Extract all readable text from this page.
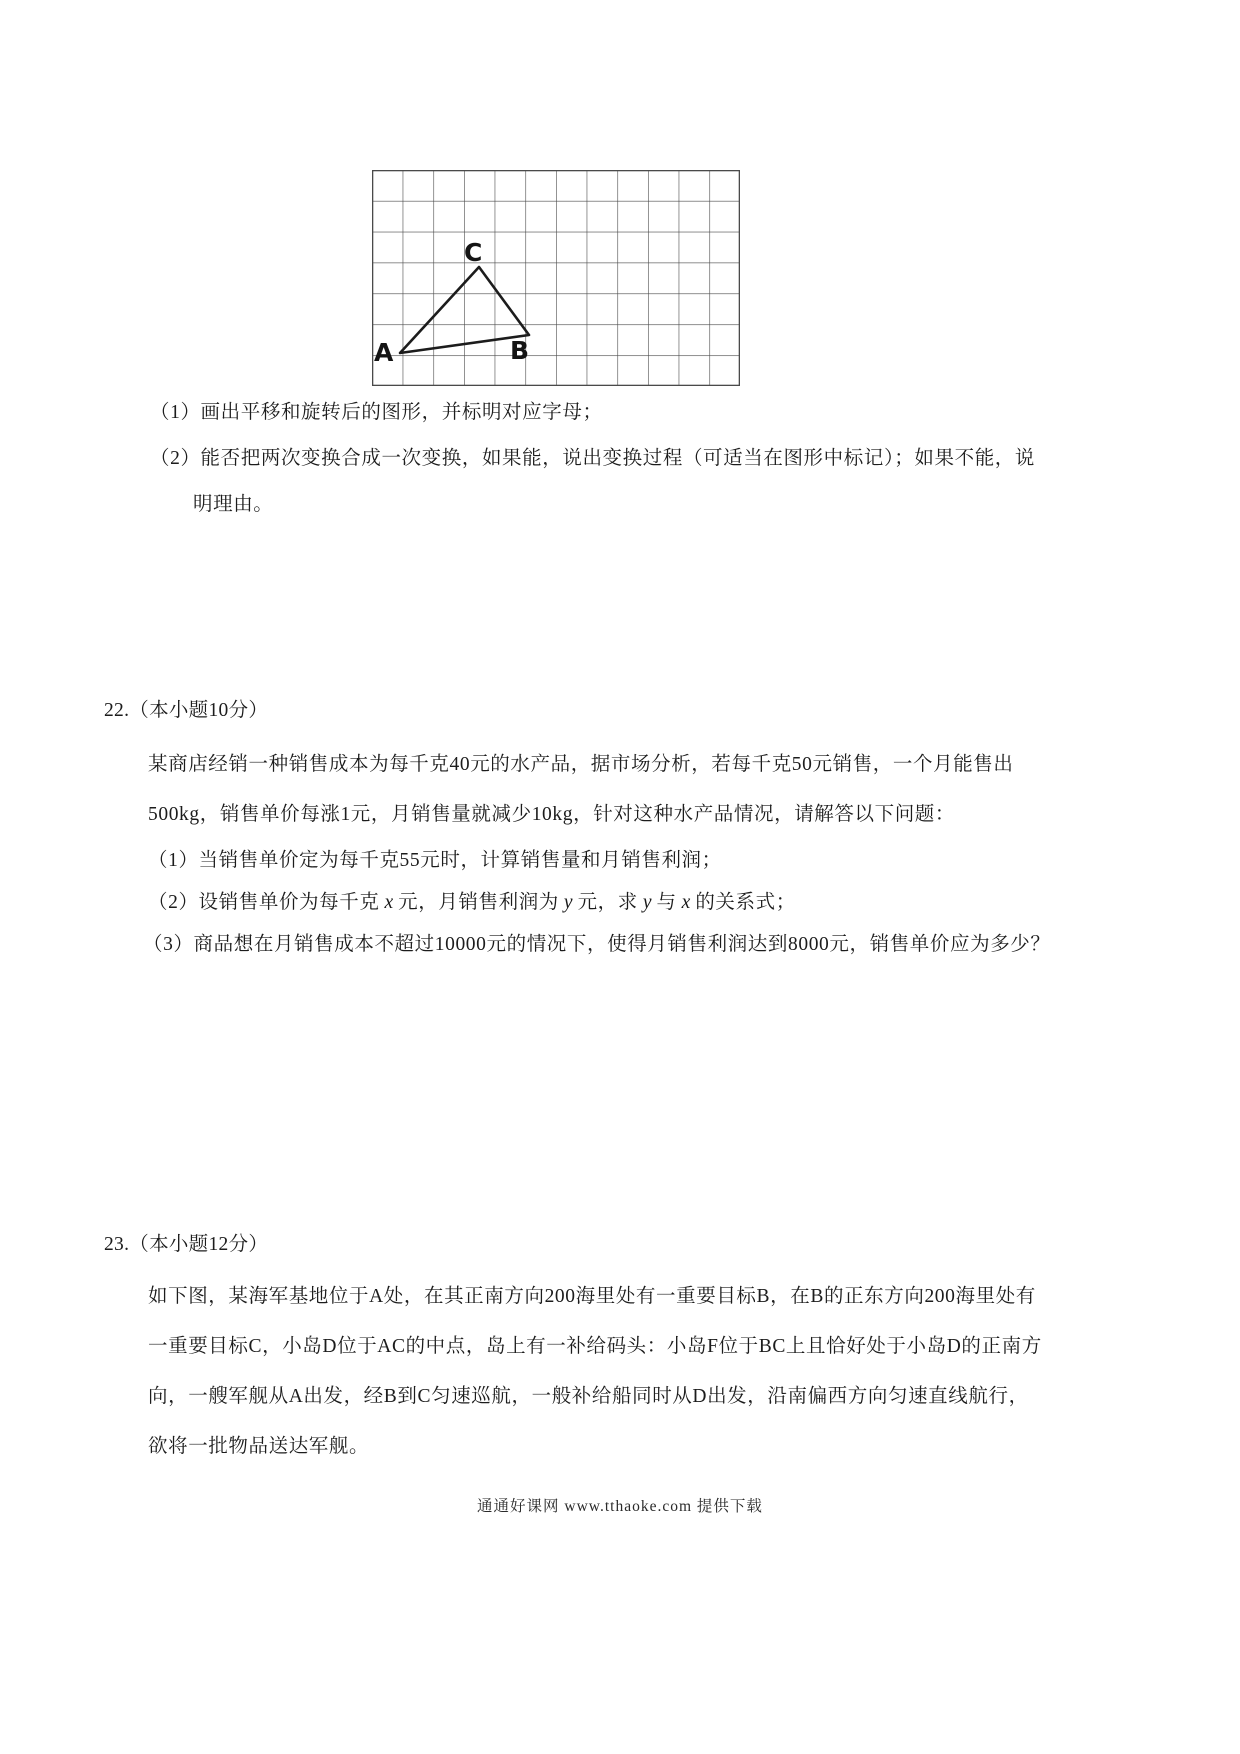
A	B
C
（1）画出平移和旋转后的图形，并标明对应字母；
（2）能否把两次变换合成一次变换，如果能，说出变换过程（可适当在图形中标记）；如果不能，说
明理由。
22.（本小题10分）
某商店经销一种销售成本为每千克40元的水产品，据市场分析，若每千克50元销售，一个月能售出
500kg，销售单价每涨1元，月销售量就减少10kg，针对这种水产品情况，请解答以下问题：
（1）当销售单价定为每千克55元时，计算销售量和月销售利润；
（2）设销售单价为每千克 x 元，月销售利润为 y 元，求 y 与 x 的关系式；
（3）商品想在月销售成本不超过10000元的情况下，使得月销售利润达到8000元，销售单价应为多少？
23.（本小题12分）
如下图，某海军基地位于A处，在其正南方向200海里处有一重要目标B，在B的正东方向200海里处有
一重要目标C，小岛D位于AC的中点，岛上有一补给码头：小岛F位于BC上且恰好处于小岛D的正南方
向，一艘军舰从A出发，经B到C匀速巡航，一般补给船同时从D出发，沿南偏西方向匀速直线航行，
欲将一批物品送达军舰。
通通好课网 www.tthaoke.com 提供下载
